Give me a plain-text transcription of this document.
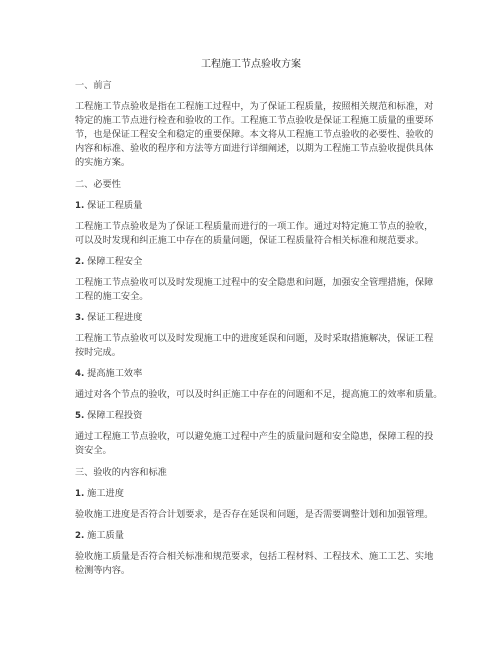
工程施工节点验收方案
一、前言
工程施工节点验收是指在工程施工过程中，为了保证工程质量，按照相关规范和标准，对
特定的施工节点进行检查和验收的工作。工程施工节点验收是保证工程施工质量的重要环
节，也是保证工程安全和稳定的重要保障。本文将从工程施工节点验收的必要性、验收的
内容和标准、验收的程序和方法等方面进行详细阐述，以期为工程施工节点验收提供具体
的实施方案。
二、必要性
1. 保证工程质量
工程施工节点验收是为了保证工程质量而进行的一项工作。通过对特定施工节点的验收，
可以及时发现和纠正施工中存在的质量问题，保证工程质量符合相关标准和规范要求。
2. 保障工程安全
工程施工节点验收可以及时发现施工过程中的安全隐患和问题，加强安全管理措施，保障
工程的施工安全。
3. 保证工程进度
工程施工节点验收可以及时发现施工中的进度延误和问题，及时采取措施解决，保证工程
按时完成。
4. 提高施工效率
通过对各个节点的验收，可以及时纠正施工中存在的问题和不足，提高施工的效率和质量。
5. 保障工程投资
通过工程施工节点验收，可以避免施工过程中产生的质量问题和安全隐患，保障工程的投
资安全。
三、验收的内容和标准
1. 施工进度
验收施工进度是否符合计划要求，是否存在延误和问题，是否需要调整计划和加强管理。
2. 施工质量
验收施工质量是否符合相关标准和规范要求，包括工程材料、工程技术、施工工艺、实地
检测等内容。
